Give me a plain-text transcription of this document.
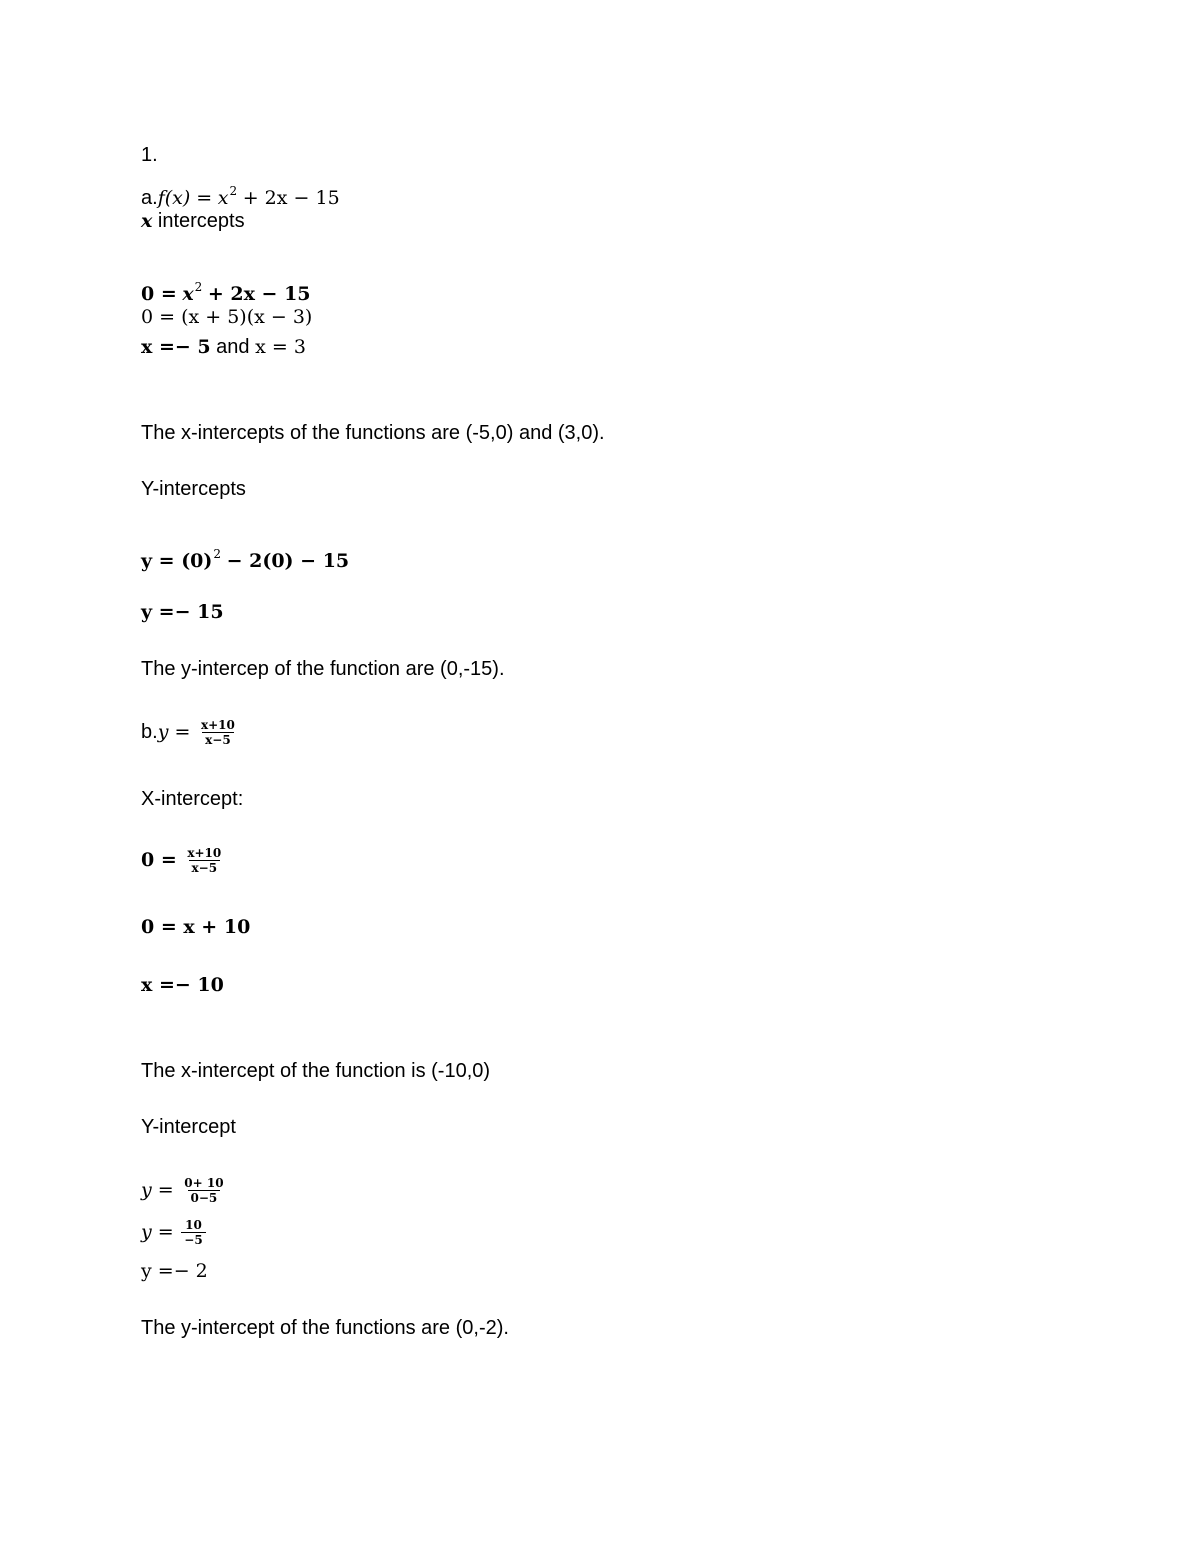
1.
$a.f(x) = x^2 + 2x - 15$
x intercepts
$0 = x^2 + 2x - 15$
0 = (x + 5)(x − 3)
x =− 5 and x = 3
The x-intercepts of the functions are (-5,0) and (3,0).
Y-intercepts
$y = (0)^2 - 2(0) - 15$
y =− 15
The y-intercep of the function are (0,-15).
$b.y = \frac{x+10}{x-5}$
X-intercept:
$0 = \frac{x+10}{x-5}$
0 = x + 10
x =− 10
The x-intercept of the function is (-10,0)
Y-intercept
$y = \frac{0+ 10}{0-5}$
$y = \frac{10}{-5}$
y =− 2
The y-intercept of the functions are (0,-2).
